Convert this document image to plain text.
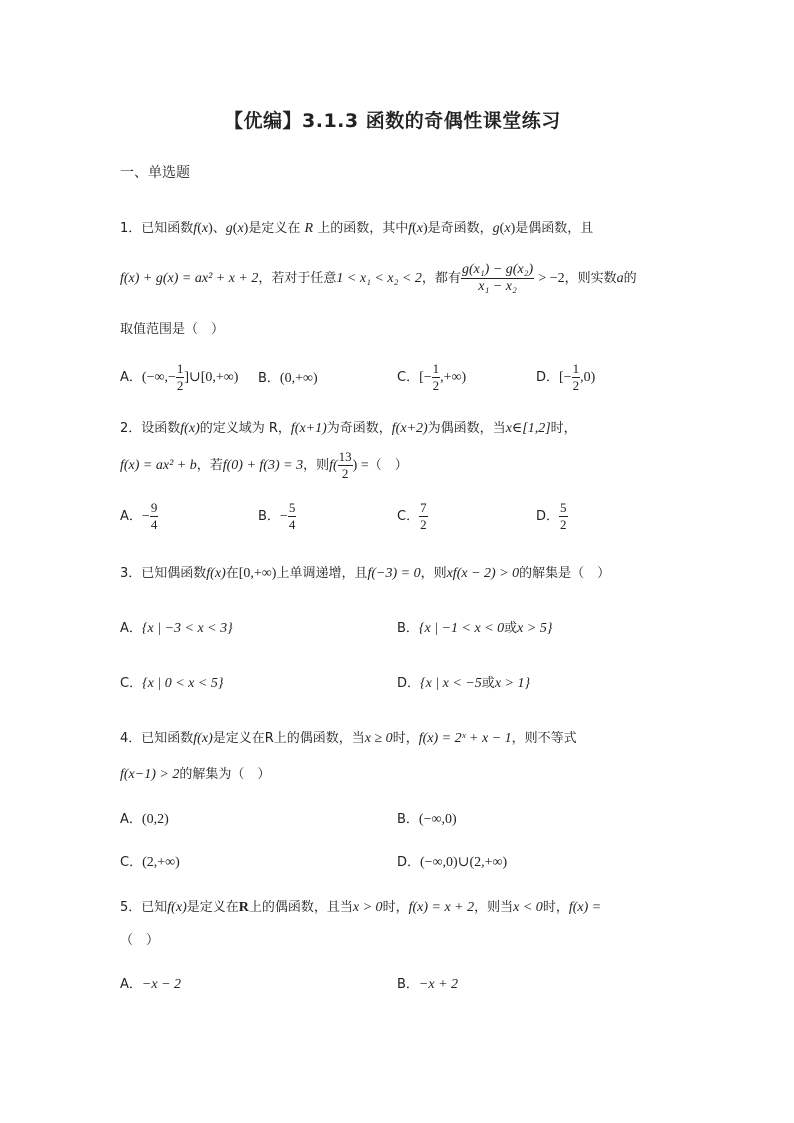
【优编】3.1.3 函数的奇偶性课堂练习
一、单选题
1．已知函数f(x)、g(x)是定义在 R 上的函数，其中f(x)是奇函数，g(x)是偶函数，且
f(x) + g(x) = ax² + x + 2，若对于任意1 < x₁ < x₂ < 2，都有 $\frac{\text{g(x₁) − g(x₂)}}{\text{x₁ − x₂}} > -2$，则实数a的
取值范围是（　）
A．(−∞,− $\frac{1}{2}$ ]∪[0,+∞) B．(0,+∞)	C．[− $\frac{1}{2}$ ,+∞)	D．[− $\frac{1}{2} ,0$)
2．设函数f(x)的定义域为 R，f(x+1)为奇函数，f(x+2)为偶函数，当x∈[1,2]时，
f(x) = ax² + b，若f(0) + f(3) = 3，则$f( \frac{13}{2}$ ) =（　）
A．− $\frac{9}{4}$	B．− $\frac{5}{4}$	C． $\frac{7}{2}$	D． $\frac{5}{2}$
3．已知偶函数f(x)在[0,+∞)上单调递增，且f(−3) = 0，则xf(x − 2) > 0的解集是（　）
A．{x | −3 < x < 3}	B．{x | −1 < x < 0或x > 5}
C．{x | 0 < x < 5}	D．{x | x < −5或x > 1}
4．已知函数f(x)是定义在R上的偶函数，当x ≥ 0时，f(x) = 2ˣ + x − 1，则不等式
f(x−1) > 2的解集为（　）
A．(0,2)	B．(−∞,0)
C．(2,+∞)	D．(−∞,0)∪(2,+∞)
5．已知f(x)是定义在R上的偶函数，且当x > 0时，f(x) = x + 2，则当x < 0时，f(x) =
（　）
A．−x − 2	B．−x + 2
